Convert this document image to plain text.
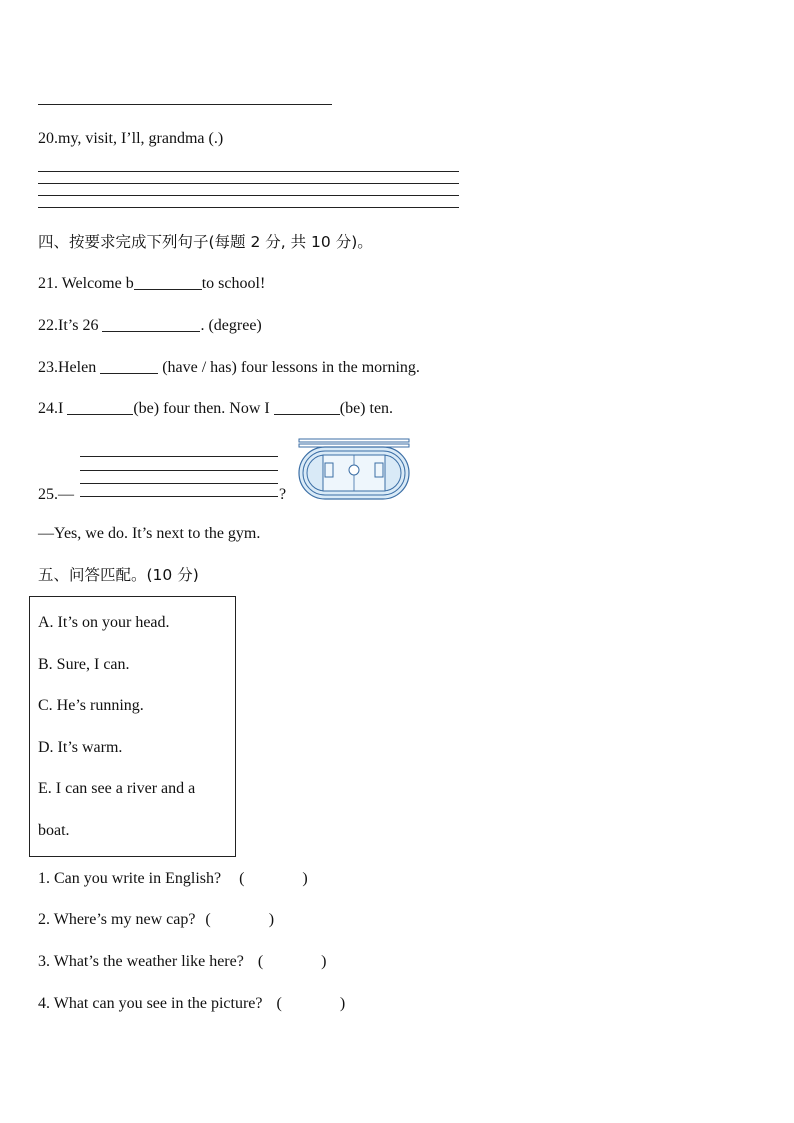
20.my, visit, I’ll, grandma (.)
四、按要求完成下列句子(每题 2 分, 共 10 分)。
21. Welcome b	to school!
22.It’s 26	. (degree)
23.Helen	(have / has) four lessons in the morning.
24.I	(be) four then. Now I	(be) ten.
25.—	?
—Yes, we do. It’s next to the gym.
五、问答匹配。(10 分)
A. It’s on your head.
B. Sure, I can.
C. He’s running.
D. It’s warm.
E. I can see a river and a
boat.
1. Can you write in English? (	)
2. Where’s my new cap? (	)
3. What’s the weather like here? (	)
4. What can you see in the picture? (	)
